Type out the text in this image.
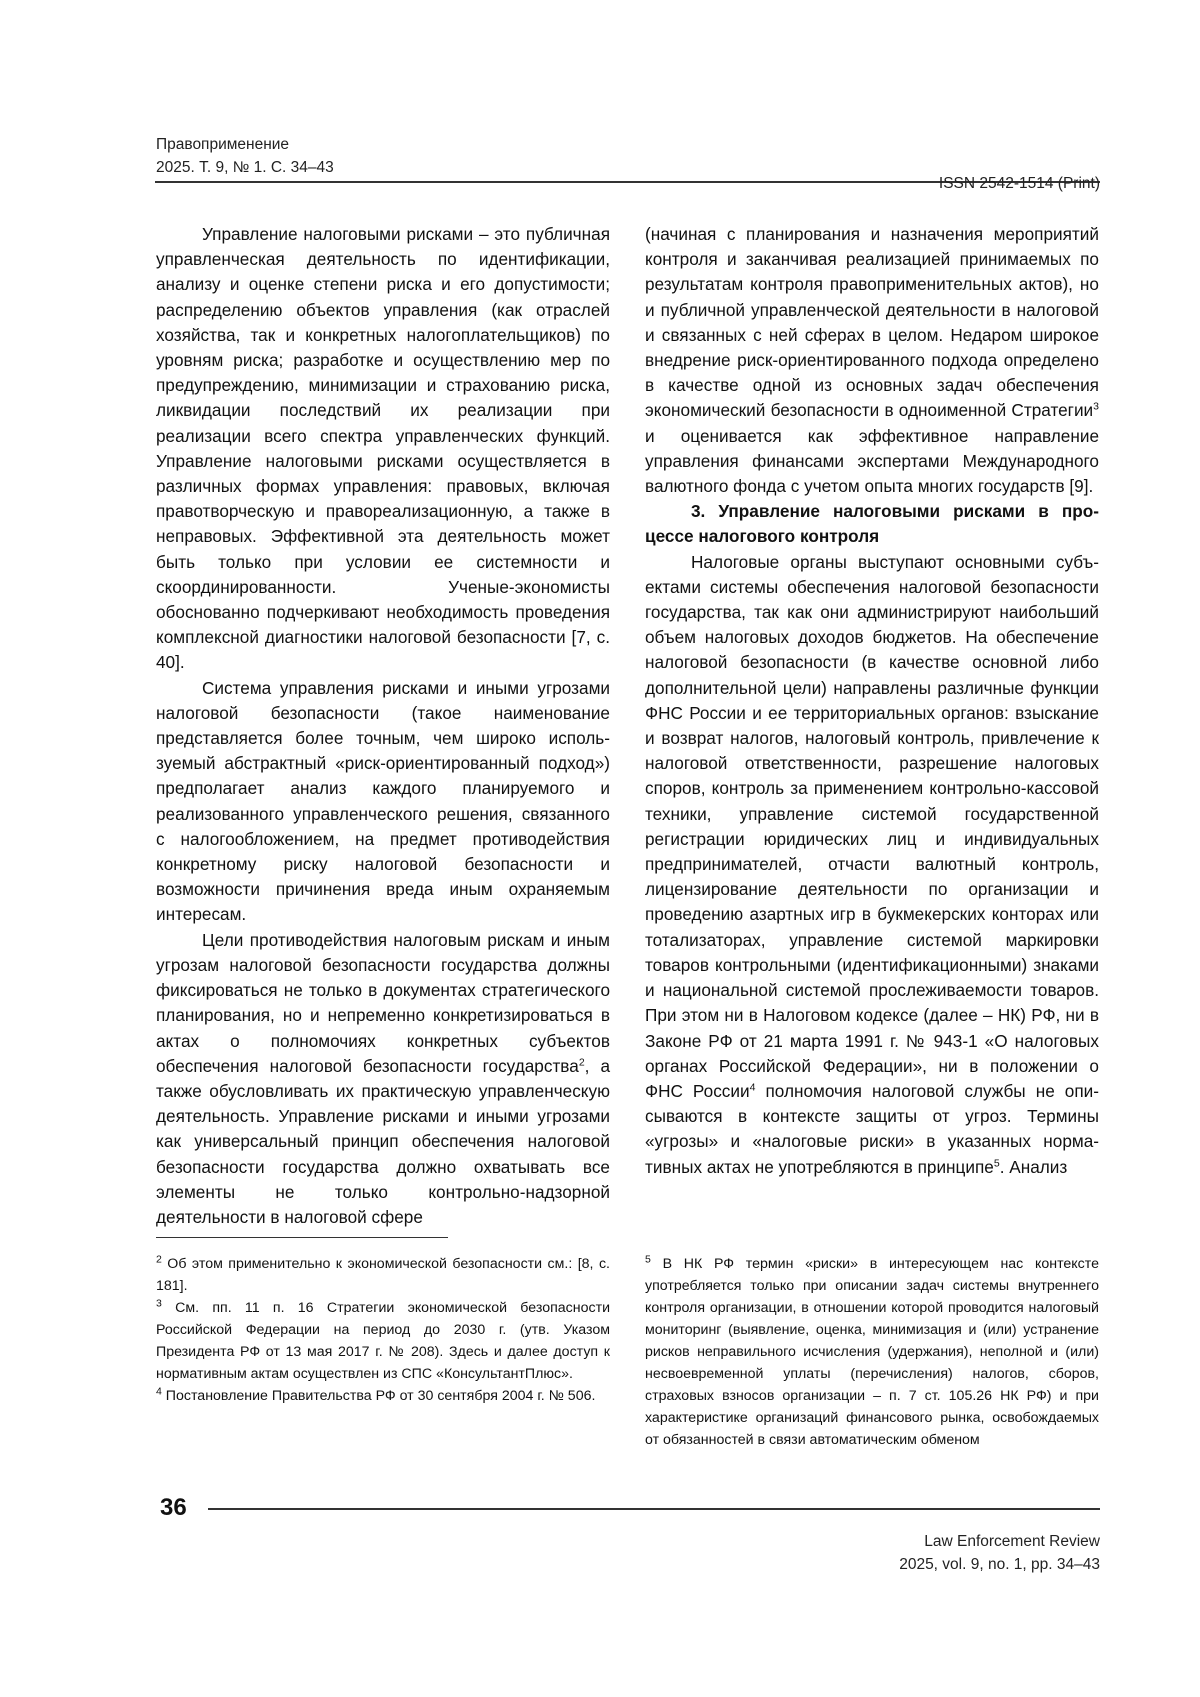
Правоприменение
2025. Т. 9, № 1. С. 34–43
ISSN 2542-1514 (Print)

Управление налоговыми рисками – это публичная управленческая деятельность по идентификации, анализу и оценке степени риска и его допустимости; распределению объектов управления (как отраслей хозяйства, так и конкретных налогоплательщиков) по уровням риска; разработке и осуществлению мер по предупреждению, минимизации и страхованию риска, ликвидации последствий их реализации при реализации всего спектра управленческих функций. Управление налоговыми рисками осуществляется в различных формах управления: правовых, включая правотворческую и правореализационную, а также в неправовых. Эффективной эта деятельность может быть только при условии ее системности и скоординированности. Ученые-экономисты обоснованно подчеркивают необходимость проведения комплексной диагностики налоговой безопасности [7, с. 40].

Система управления рисками и иными угрозами налоговой безопасности (такое наименование представляется более точным, чем широко используемый абстрактный «риск-ориентированный подход») предполагает анализ каждого планируемого и реализованного управленческого решения, связанного с налогообложением, на предмет противодействия конкретному риску налоговой безопасности и возможности причинения вреда иным охраняемым интересам.

Цели противодействия налоговым рискам и иным угрозам налоговой безопасности государства должны фиксироваться не только в документах стратегического планирования, но и непременно конкретизироваться в актах о полномочиях конкретных субъектов обеспечения налоговой безопасности государства$^2$, а также обусловливать их практическую управленческую деятельность. Управление рисками и иными угрозами как универсальный принцип обеспечения налоговой безопасности государства должно охватывать все элементы не только контрольно-надзорной деятельности в налоговой сфере

(начиная с планирования и назначения мероприятий контроля и заканчивая реализацией принимаемых по результатам контроля правоприменительных актов), но и публичной управленческой деятельности в налоговой и связанных с ней сферах в целом. Недаром широкое внедрение риск-ориентированного подхода определено в качестве одной из основных задач обеспечения экономический безопасности в одноименной Стратегии$^3$ и оценивается как эффективное направление управления финансами экспертами Международного валютного фонда с учетом опыта многих государств [9].

3. Управление налоговыми рисками в процессе налогового контроля

Налоговые органы выступают основными субъектами системы обеспечения налоговой безопасности государства, так как они администрируют наибольший объем налоговых доходов бюджетов. На обеспечение налоговой безопасности (в качестве основной либо дополнительной цели) направлены различные функции ФНС России и ее территориальных органов: взыскание и возврат налогов, налоговый контроль, привлечение к налоговой ответственности, разрешение налоговых споров, контроль за применением контрольно-кассовой техники, управление системой государственной регистрации юридических лиц и индивидуальных предпринимателей, отчасти валютный контроль, лицензирование деятельности по организации и проведению азартных игр в букмекерских конторах или тотализаторах, управление системой маркировки товаров контрольными (идентификационными) знаками и национальной системой прослеживаемости товаров. При этом ни в Налоговом кодексе (далее – НК) РФ, ни в Законе РФ от 21 марта 1991 г. № 943-1 «О налоговых органах Российской Федерации», ни в положении о ФНС России$^4$ полномочия налоговой службы не описываются в контексте защиты от угроз. Термины «угрозы» и «налоговые риски» в указанных нормативных актах не употребляются в принципе$^5$. Анализ

$^2$ Об этом применительно к экономической безопасности см.: [8, с. 181].

$^3$ См. пп. 11 п. 16 Стратегии экономической безопасности Российской Федерации на период до 2030 г. (утв. Указом Президента РФ от 13 мая 2017 г. № 208). Здесь и далее доступ к нормативным актам осуществлен из СПС «КонсультантПлюс».

$^4$ Постановление Правительства РФ от 30 сентября 2004 г. № 506.

$^5$ В НК РФ термин «риски» в интересующем нас контексте употребляется только при описании задач системы внутреннего контроля организации, в отношении которой проводится налоговый мониторинг (выявление, оценка, минимизация и (или) устранение рисков неправильного исчисления (удержания), неполной и (или) несвоевременной уплаты (перечисления) налогов, сборов, страховых взносов организации – п. 7 ст. 105.26 НК РФ) и при характеристике организаций финансового рынка, освобождаемых от обязанностей в связи автоматическим обменом

36
Law Enforcement Review
2025, vol. 9, no. 1, pp. 34–43
